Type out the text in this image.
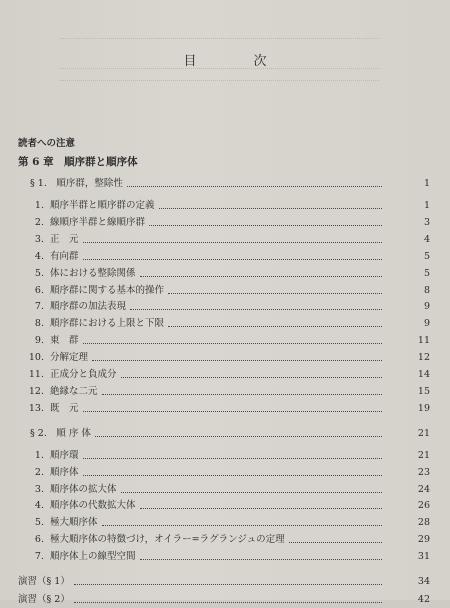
目　次
読者への注意
第 6 章　順序群と順序体
§ 1.　順序群，整除性	1
1. 順序半群と順序群の定義	1
2. 線順序半群と線順序群	3
3. 正　元	4
4. 有向群	5
5. 体における整除関係	5
6. 順序群に関する基本的操作	8
7. 順序群の加法表現	9
8. 順序群における上限と下限	9
9. 東　群	11
10. 分解定理	12
11. 正成分と負成分	14
12. 絶縁な二元	15
13. 既　元	19
§ 2.　順 序 体	21
1. 順序環	21
2. 順序体	23
3. 順序体の拡大体	24
4. 順序体の代数拡大体	26
5. 極大順序体	28
6. 極大順序体の特徴づけ，オイラー=ラグランジュの定理	29
7. 順序体上の線型空間	31
演習（§ 1）	34
演習（§ 2）	42
